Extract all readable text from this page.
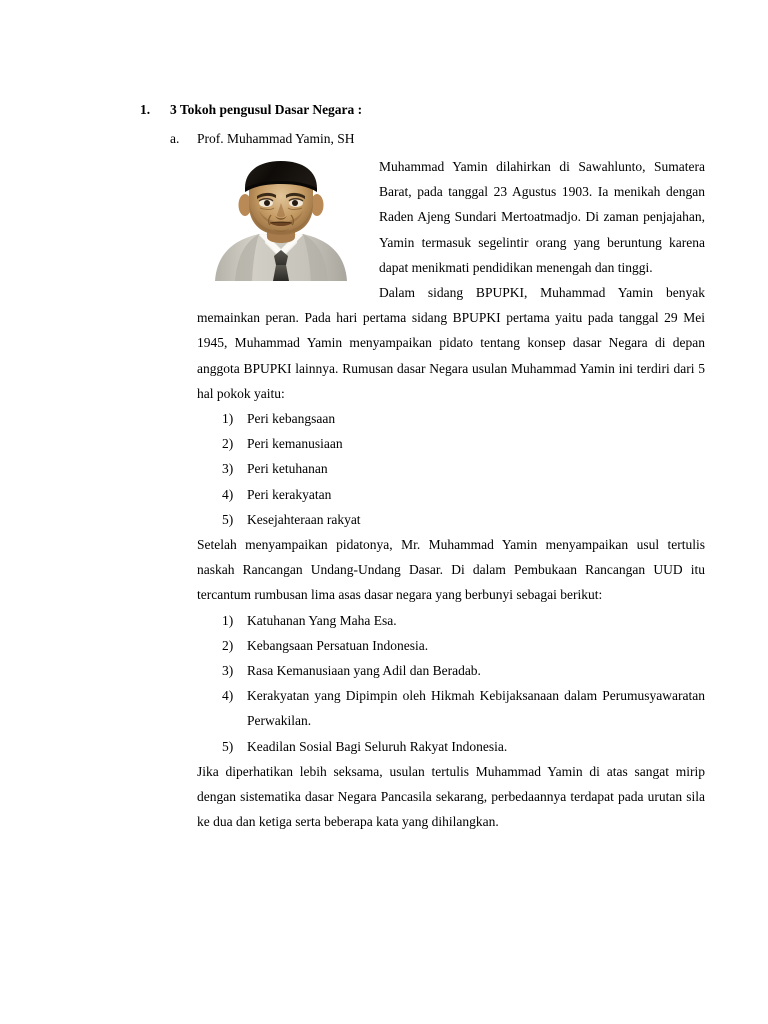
1. 3 Tokoh pengusul Dasar Negara :
a. Prof. Muhammad Yamin, SH

Muhammad Yamin dilahirkan di Sawahlunto, Sumatera Barat, pada tanggal 23 Agustus 1903. Ia menikah dengan Raden Ajeng Sundari Mertoatmadjo. Di zaman penjajahan, Yamin termasuk segelintir orang yang beruntung karena dapat menikmati pendidikan menengah dan tinggi.

Dalam sidang BPUPKI, Muhammad Yamin benyak memainkan peran. Pada hari pertama sidang BPUPKI pertama yaitu pada tanggal 29 Mei 1945, Muhammad Yamin menyampaikan pidato tentang konsep dasar Negara di depan anggota BPUPKI lainnya. Rumusan dasar Negara usulan Muhammad Yamin ini terdiri dari 5 hal pokok yaitu:

1)	Peri kebangsaan
2)	Peri kemanusiaan
3)	Peri ketuhanan
4)	Peri kerakyatan
5)	Kesejahteraan rakyat

Setelah menyampaikan pidatonya, Mr. Muhammad Yamin menyampaikan usul tertulis naskah Rancangan Undang-Undang Dasar. Di dalam Pembukaan Rancangan UUD itu tercantum rumbusan lima asas dasar negara yang berbunyi sebagai berikut:

1)	Katuhanan Yang Maha Esa.
2)	Kebangsaan Persatuan Indonesia.
3)	Rasa Kemanusiaan yang Adil dan Beradab.
4)	Kerakyatan yang Dipimpin oleh Hikmah Kebijaksanaan dalam Perumusyawaratan Perwakilan.
5)	Keadilan Sosial Bagi Seluruh Rakyat Indonesia.

Jika diperhatikan lebih seksama, usulan tertulis Muhammad Yamin di atas sangat mirip dengan sistematika dasar Negara Pancasila sekarang, perbedaannya terdapat pada urutan sila ke dua dan ketiga serta beberapa kata yang dihilangkan.
